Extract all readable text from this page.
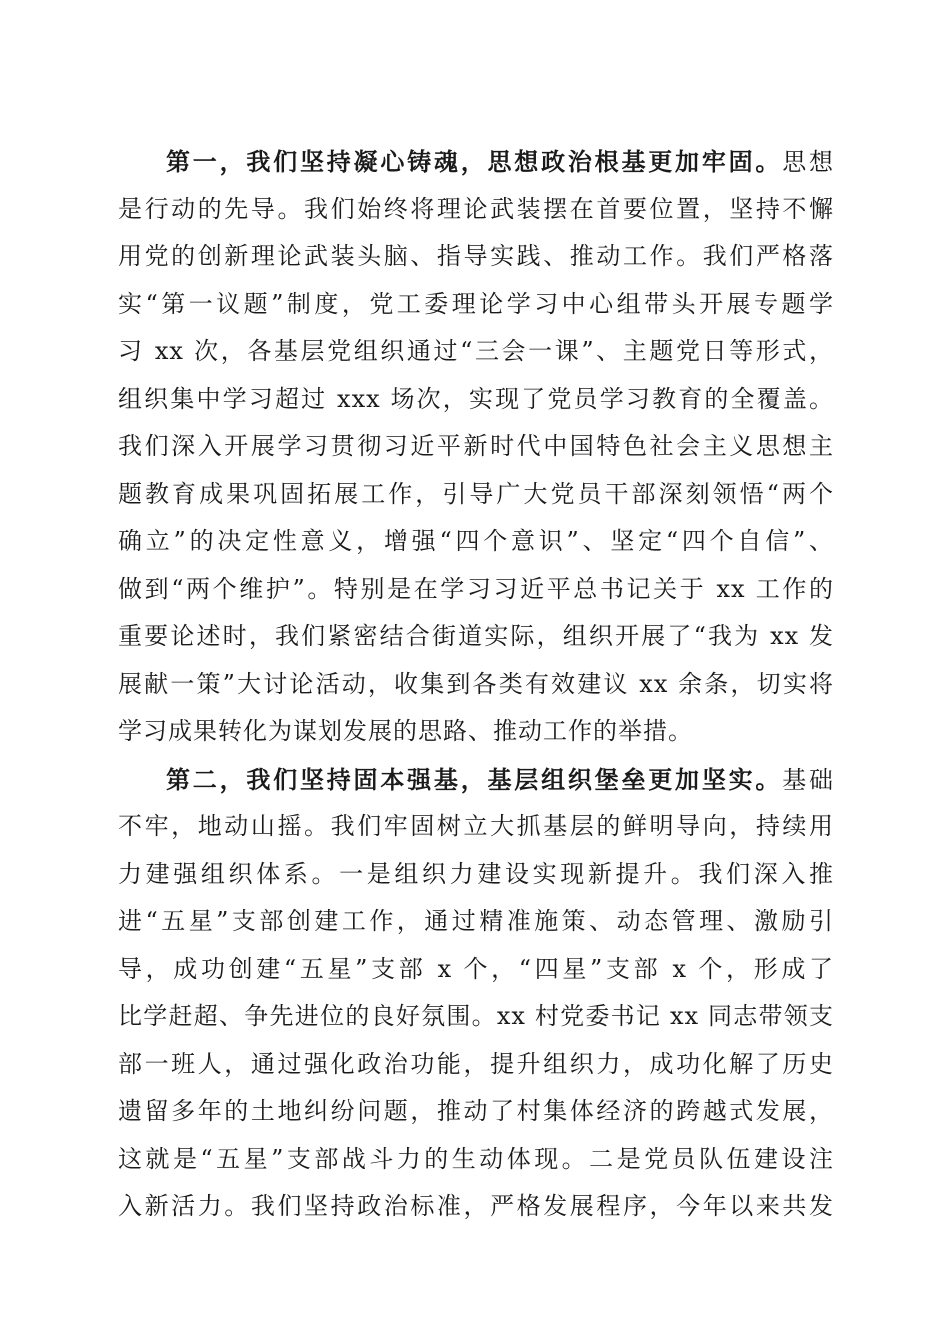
第一，我们坚持凝心铸魂，思想政治根基更加牢固。思想
是行动的先导。我们始终将理论武装摆在首要位置，坚持不懈
用党的创新理论武装头脑、指导实践、推动工作。我们严格落
实“第一议题”制度，党工委理论学习中心组带头开展专题学
习 xx 次，各基层党组织通过“三会一课”、主题党日等形式，
组织集中学习超过 xxx 场次，实现了党员学习教育的全覆盖。
我们深入开展学习贯彻习近平新时代中国特色社会主义思想主
题教育成果巩固拓展工作，引导广大党员干部深刻领悟“两个
确立”的决定性意义，增强“四个意识”、坚定“四个自信”、
做到“两个维护”。特别是在学习习近平总书记关于 xx 工作的
重要论述时，我们紧密结合街道实际，组织开展了“我为 xx 发
展献一策”大讨论活动，收集到各类有效建议 xx 余条，切实将
学习成果转化为谋划发展的思路、推动工作的举措。
第二，我们坚持固本强基，基层组织堡垒更加坚实。基础
不牢，地动山摇。我们牢固树立大抓基层的鲜明导向，持续用
力建强组织体系。一是组织力建设实现新提升。我们深入推
进“五星”支部创建工作，通过精准施策、动态管理、激励引
导，成功创建“五星”支部 x 个，“四星”支部 x 个，形成了
比学赶超、争先进位的良好氛围。xx 村党委书记 xx 同志带领支
部一班人，通过强化政治功能，提升组织力，成功化解了历史
遗留多年的土地纠纷问题，推动了村集体经济的跨越式发展，
这就是“五星”支部战斗力的生动体现。二是党员队伍建设注
入新活力。我们坚持政治标准，严格发展程序，今年以来共发
